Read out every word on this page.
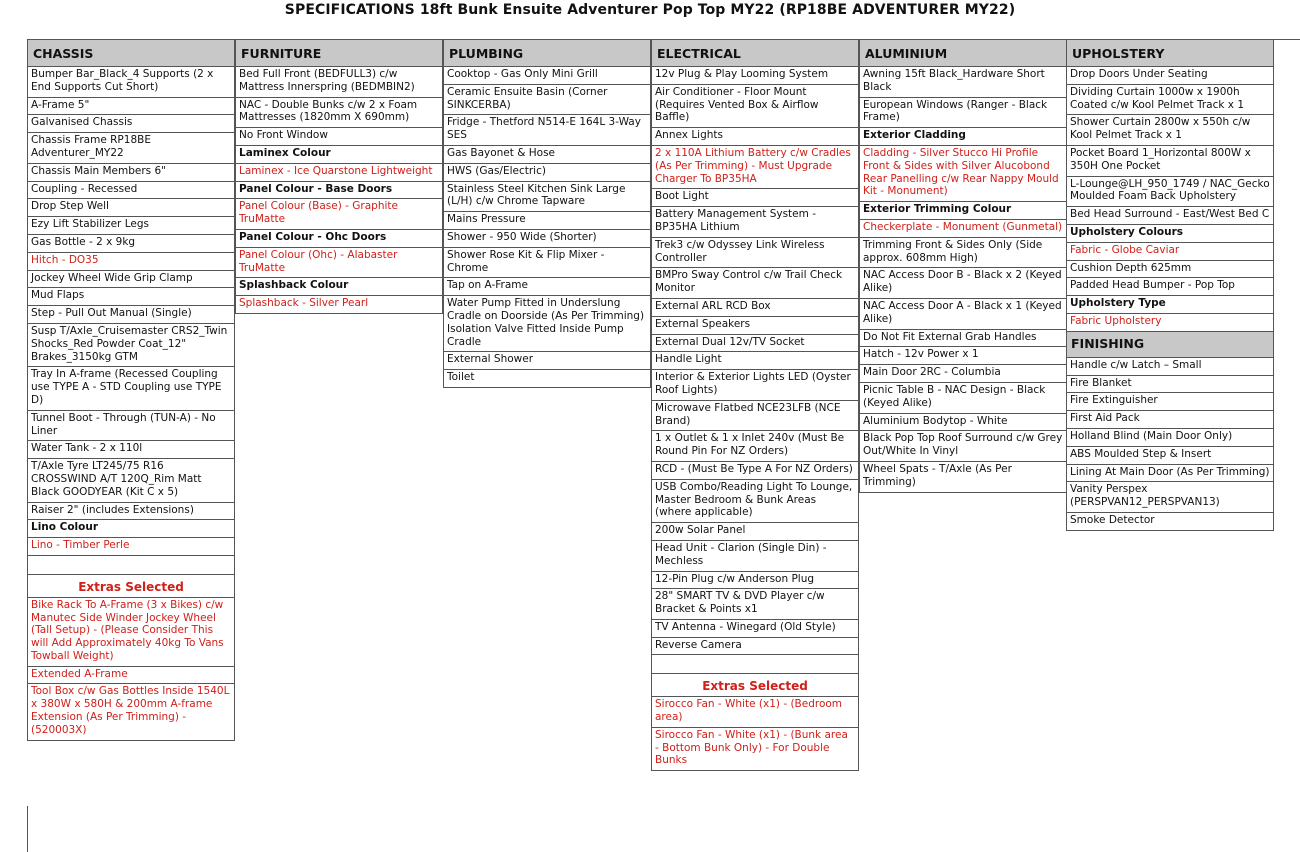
SPECIFICATIONS 18ft Bunk Ensuite Adventurer Pop Top MY22 (RP18BE ADVENTURER MY22)
CHASSIS
Bumper Bar_Black_4 Supports (2 x End Supports Cut Short)
A-Frame 5"
Galvanised Chassis
Chassis Frame RP18BE Adventurer_MY22
Chassis Main Members 6"
Coupling - Recessed
Drop Step Well
Ezy Lift Stabilizer Legs
Gas Bottle - 2 x 9kg
Hitch - DO35
Jockey Wheel Wide Grip Clamp
Mud Flaps
Step - Pull Out Manual (Single)
Susp T/Axle_Cruisemaster CRS2_Twin Shocks_Red Powder Coat_12" Brakes_3150kg GTM
Tray In A-frame (Recessed Coupling use TYPE A - STD Coupling use TYPE D)
Tunnel Boot - Through (TUN-A) - No Liner
Water Tank - 2 x 110l
T/Axle Tyre LT245/75 R16 CROSSWIND A/T 120Q_Rim Matt Black GOODYEAR (Kit C x 5)
Raiser 2" (includes Extensions)
Lino Colour
Lino - Timber Perle
Extras Selected
Bike Rack To A-Frame (3 x Bikes) c/w Manutec Side Winder Jockey Wheel (Tall Setup) - (Please Consider This will Add Approximately 40kg To Vans Towball Weight)
Extended A-Frame
Tool Box c/w Gas Bottles Inside 1540L x 380W x 580H & 200mm A-frame Extension (As Per Trimming) - (520003X)
FURNITURE
Bed Full Front (BEDFULL3) c/w Mattress Innerspring (BEDMBIN2)
NAC - Double Bunks c/w 2 x Foam Mattresses (1820mm X 690mm)
No Front Window
Laminex Colour
Laminex - Ice Quarstone Lightweight
Panel Colour - Base Doors
Panel Colour (Base) - Graphite TruMatte
Panel Colour - Ohc Doors
Panel Colour (Ohc) - Alabaster TruMatte
Splashback Colour
Splashback - Silver Pearl
PLUMBING
Cooktop - Gas Only Mini Grill
Ceramic Ensuite Basin (Corner SINKCERBA)
Fridge - Thetford N514-E 164L 3-Way SES
Gas Bayonet & Hose
HWS (Gas/Electric)
Stainless Steel Kitchen Sink Large (L/H) c/w Chrome Tapware
Mains Pressure
Shower - 950 Wide (Shorter)
Shower Rose Kit & Flip Mixer - Chrome
Tap on A-Frame
Water Pump Fitted in Underslung Cradle on Doorside (As Per Trimming) Isolation Valve Fitted Inside Pump Cradle
External Shower
Toilet
ELECTRICAL
12v Plug & Play Looming System
Air Conditioner - Floor Mount (Requires Vented Box & Airflow Baffle)
Annex Lights
2 x 110A Lithium Battery c/w Cradles (As Per Trimming) - Must Upgrade Charger To BP35HA
Boot Light
Battery Management System - BP35HA Lithium
Trek3 c/w Odyssey Link Wireless Controller
BMPro Sway Control c/w Trail Check Monitor
External ARL RCD Box
External Speakers
External Dual 12v/TV Socket
Handle Light
Interior & Exterior Lights LED (Oyster Roof Lights)
Microwave Flatbed NCE23LFB (NCE Brand)
1 x Outlet & 1 x Inlet 240v (Must Be Round Pin For NZ Orders)
RCD - (Must Be Type A For NZ Orders)
USB Combo/Reading Light To Lounge, Master Bedroom & Bunk Areas (where applicable)
200w Solar Panel
Head Unit - Clarion (Single Din) - Mechless
12-Pin Plug c/w Anderson Plug
28" SMART TV & DVD Player c/w Bracket & Points x1
TV Antenna - Winegard (Old Style)
Reverse Camera
Extras Selected
Sirocco Fan - White (x1) - (Bedroom area)
Sirocco Fan - White (x1) - (Bunk area - Bottom Bunk Only) - For Double Bunks
ALUMINIUM
Awning 15ft Black_Hardware Short Black
European Windows (Ranger - Black Frame)
Exterior Cladding
Cladding - Silver Stucco Hi Profile Front & Sides with Silver Alucobond Rear Panelling c/w Rear Nappy Mould Kit - Monument)
Exterior Trimming Colour
Checkerplate - Monument (Gunmetal)
Trimming Front & Sides Only (Side approx. 608mm High)
NAC Access Door B - Black x 2 (Keyed Alike)
NAC Access Door A - Black x 1 (Keyed Alike)
Do Not Fit External Grab Handles
Hatch - 12v Power x 1
Main Door 2RC - Columbia
Picnic Table B - NAC Design - Black (Keyed Alike)
Aluminium Bodytop - White
Black Pop Top Roof Surround c/w Grey Out/White In Vinyl
Wheel Spats - T/Axle (As Per Trimming)
UPHOLSTERY
Drop Doors Under Seating
Dividing Curtain 1000w x 1900h Coated c/w Kool Pelmet Track x 1
Shower Curtain 2800w x 550h c/w Kool Pelmet Track x 1
Pocket Board 1_Horizontal 800W x 350H One Pocket
L-Lounge@LH_950_1749 / NAC_Gecko Moulded Foam Back Upholstery
Bed Head Surround - East/West Bed C
Upholstery Colours
Fabric - Globe Caviar
Cushion Depth 625mm
Padded Head Bumper - Pop Top
Upholstery Type
Fabric Upholstery
FINISHING
Handle c/w Latch – Small
Fire Blanket
Fire Extinguisher
First Aid Pack
Holland Blind (Main Door Only)
ABS Moulded Step & Insert
Lining At Main Door (As Per Trimming)
Vanity Perspex (PERSPVAN12_PERSPVAN13)
Smoke Detector
